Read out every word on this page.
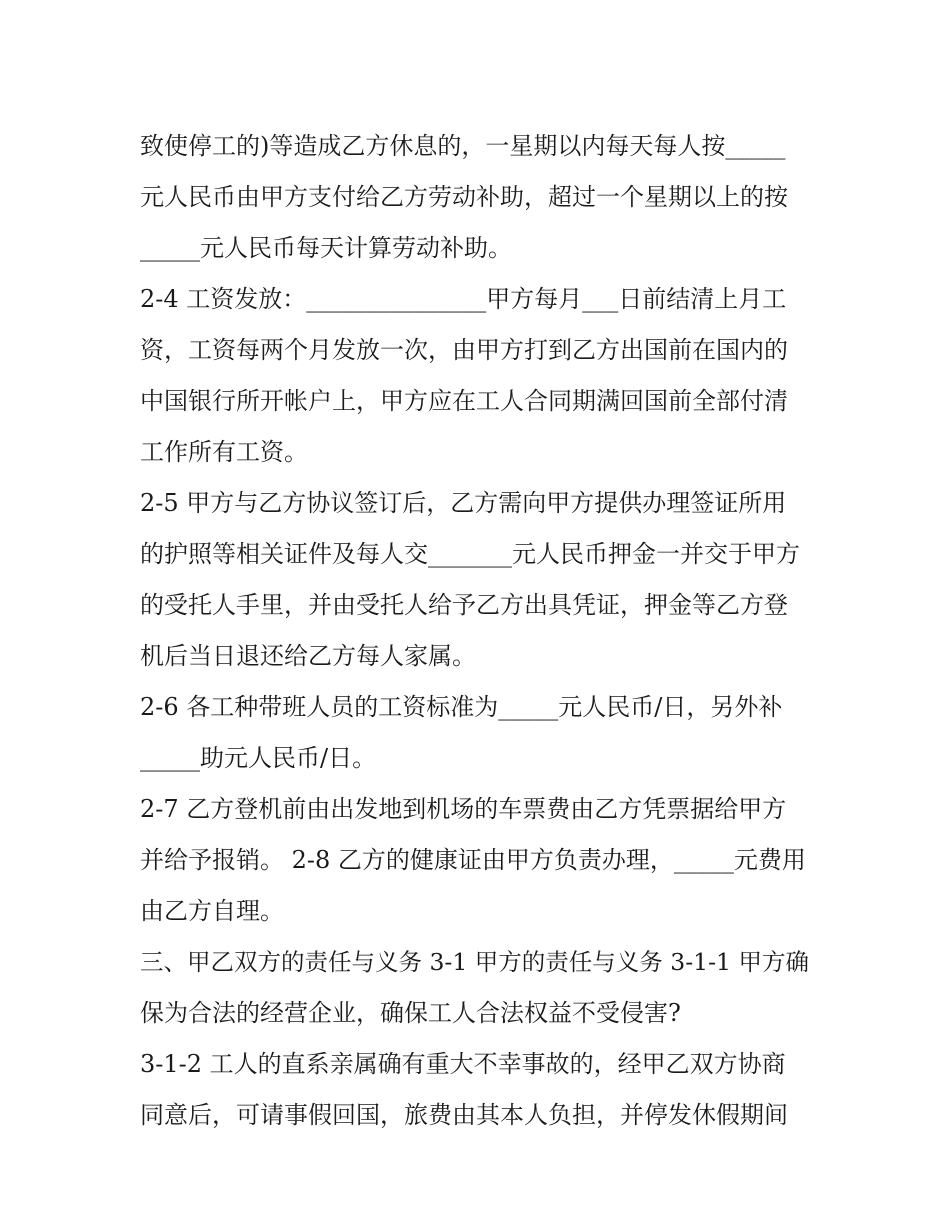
致使停工的)等造成乙方休息的，一星期以内每天每人按_____
元人民币由甲方支付给乙方劳动补助，超过一个星期以上的按
_____元人民币每天计算劳动补助。
2-4 工资发放：_______________甲方每月___日前结清上月工
资，工资每两个月发放一次，由甲方打到乙方出国前在国内的
中国银行所开帐户上，甲方应在工人合同期满回国前全部付清
工作所有工资。
2-5 甲方与乙方协议签订后，乙方需向甲方提供办理签证所用
的护照等相关证件及每人交_______元人民币押金一并交于甲方
的受托人手里，并由受托人给予乙方出具凭证，押金等乙方登
机后当日退还给乙方每人家属。
2-6 各工种带班人员的工资标准为_____元人民币/日，另外补
_____助元人民币/日。
2-7 乙方登机前由出发地到机场的车票费由乙方凭票据给甲方
并给予报销。 2-8 乙方的健康证由甲方负责办理，_____元费用
由乙方自理。
三、甲乙双方的责任与义务 3-1 甲方的责任与义务 3-1-1 甲方确
保为合法的经营企业，确保工人合法权益不受侵害?
3-1-2 工人的直系亲属确有重大不幸事故的，经甲乙双方协商
同意后，可请事假回国，旅费由其本人负担，并停发休假期间
